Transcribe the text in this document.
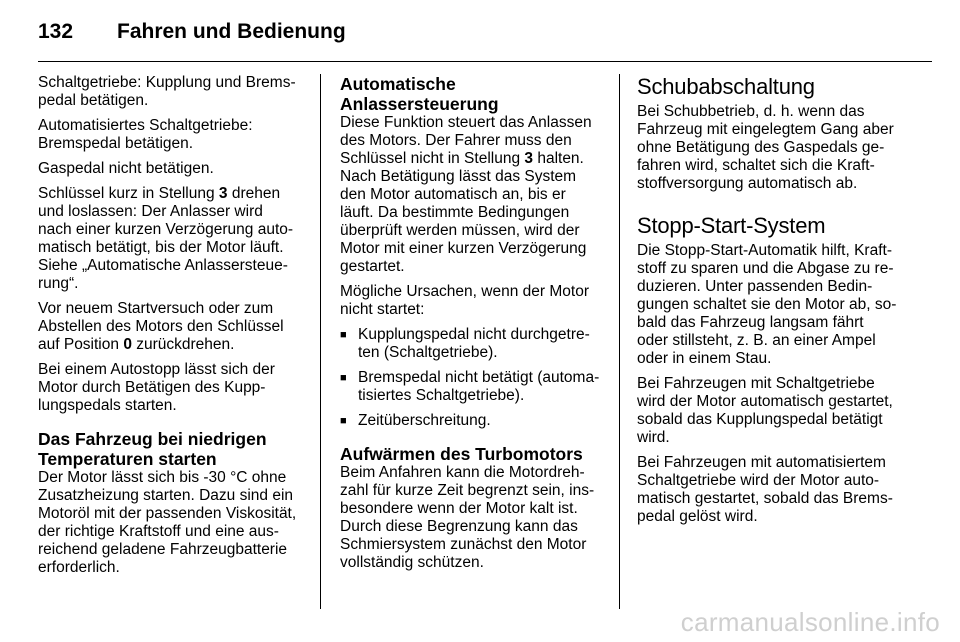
132 Fahren und Bedienung
Schaltgetriebe: Kupplung und Brems-
pedal betätigen.
Automatisiertes Schaltgetriebe:
Bremspedal betätigen.
Gaspedal nicht betätigen.
Schlüssel kurz in Stellung 3 drehen
und loslassen: Der Anlasser wird
nach einer kurzen Verzögerung auto-
matisch betätigt, bis der Motor läuft.
Siehe „Automatische Anlassersteue-
rung“.
Vor neuem Startversuch oder zum
Abstellen des Motors den Schlüssel
auf Position 0 zurückdrehen.
Bei einem Autostopp lässt sich der
Motor durch Betätigen des Kupp-
lungspedals starten.
Das Fahrzeug bei niedrigen
Temperaturen starten
Der Motor lässt sich bis -30 °C ohne
Zusatzheizung starten. Dazu sind ein
Motoröl mit der passenden Viskosität,
der richtige Kraftstoff und eine aus-
reichend geladene Fahrzeugbatterie
erforderlich.
Automatische
Anlassersteuerung
Diese Funktion steuert das Anlassen
des Motors. Der Fahrer muss den
Schlüssel nicht in Stellung 3 halten.
Nach Betätigung lässt das System
den Motor automatisch an, bis er
läuft. Da bestimmte Bedingungen
überprüft werden müssen, wird der
Motor mit einer kurzen Verzögerung
gestartet.
Mögliche Ursachen, wenn der Motor
nicht startet:
■ Kupplungspedal nicht durchgetre-
ten (Schaltgetriebe).
■ Bremspedal nicht betätigt (automa-
tisiertes Schaltgetriebe).
■ Zeitüberschreitung.
Aufwärmen des Turbomotors
Beim Anfahren kann die Motordreh-
zahl für kurze Zeit begrenzt sein, ins-
besondere wenn der Motor kalt ist.
Durch diese Begrenzung kann das
Schmiersystem zunächst den Motor
vollständig schützen.
Schubabschaltung
Bei Schubbetrieb, d. h. wenn das
Fahrzeug mit eingelegtem Gang aber
ohne Betätigung des Gaspedals ge-
fahren wird, schaltet sich die Kraft-
stoffversorgung automatisch ab.
Stopp-Start-System
Die Stopp-Start-Automatik hilft, Kraft-
stoff zu sparen und die Abgase zu re-
duzieren. Unter passenden Bedin-
gungen schaltet sie den Motor ab, so-
bald das Fahrzeug langsam fährt
oder stillsteht, z. B. an einer Ampel
oder in einem Stau.
Bei Fahrzeugen mit Schaltgetriebe
wird der Motor automatisch gestartet,
sobald das Kupplungspedal betätigt
wird.
Bei Fahrzeugen mit automatisiertem
Schaltgetriebe wird der Motor auto-
matisch gestartet, sobald das Brems-
pedal gelöst wird.
carmanualsonline.info
